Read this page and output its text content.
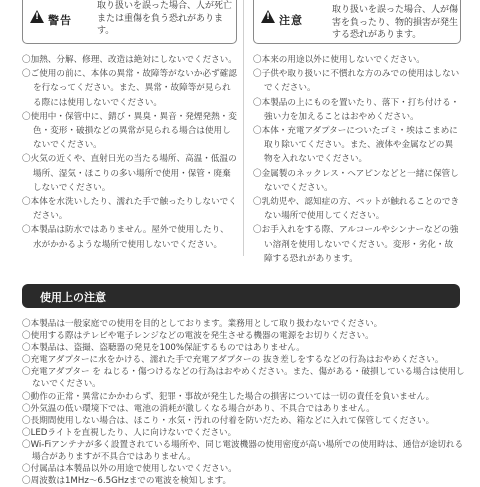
! 警告
取り扱いを誤った場合、人が死亡または重傷を負う恐れがあります。
〇加熱、分解、修理、改造は絶対にしないでください。
〇ご使用の前に、本体の異常・故障等がないか必ず確認を行なってください。また、異常・故障等が見られる際には使用しないでください。
〇使用中・保管中に、錆び・異臭・異音・発煙発熱・変色・変形・破損などの異常が見られる場合は使用しないでください。
〇火気の近くや、直射日光の当たる場所、高温・低温の場所、湿気・ほこりの多い場所で使用・保管・廃棄しないでください。
〇本体を水洗いしたり、濡れた手で触ったりしないでください。
〇本製品は防水ではありません。屋外で使用したり、水がかかるような場所で使用しないでください。
! 注意
取り扱いを誤った場合、人が傷害を負ったり、物的損害が発生する恐れがあります。
〇本来の用途以外に使用しないでください。
〇子供や取り扱いに不慣れな方のみでの使用はしないでください。
〇本製品の上にものを置いたり、落下・打ち付ける・強い力を加えることはおやめください。
〇本体・充電アダプターについたゴミ・埃はこまめに取り除いてください。また、液体や金属などの異物を入れないでください。
〇金属製のネックレス・ヘアピンなどと一緒に保管しないでください。
〇乳幼児や、認知症の方、ペットが触れることのできない場所で使用してください。
〇お手入れをする際、アルコールやシンナーなどの強い溶剤を使用しないでください。変形・劣化・故障する恐れがあります。
使用上の注意
〇本製品は一般家庭での使用を目的としております。業務用として取り扱わないでください。
〇使用する際はテレビや電子レンジなどの電波を発生させる機器の電源をお切りください。
〇本製品は、盗撮、盗聴器の発見を100%保証するものではありません。
〇充電アダプターに水をかける、濡れた手で充電アダプターの 抜き差しをするなどの行為はおやめください。
〇充電アダプター を ねじる・傷つけるなどの行為はおやめください。また、傷がある・破損している場合は使用しないでください。
〇動作の正常・異常にかかわらず、犯罪・事故が発生した場合の損害については一切の責任を負いません。
〇外気温の低い環境下では、電池の消耗が激しくなる場合があり、不具合ではありません。
〇長期間使用しない場合は、ほこり・水気・汚れの付着を防いだため、箱などに入れて保管してください。
〇LEDライトを直視したり、人に向けないでください。
〇Wi-Fiアンテナが多く設置されている場所や、同じ電波機器の使用密度が高い場所での使用時は、通信が途切れる場合がありますが不具合ではありません。
〇付属品は本製品以外の用途で使用しないでください。
〇周波数は1MHz～6.5GHzまでの電波を検知します。
